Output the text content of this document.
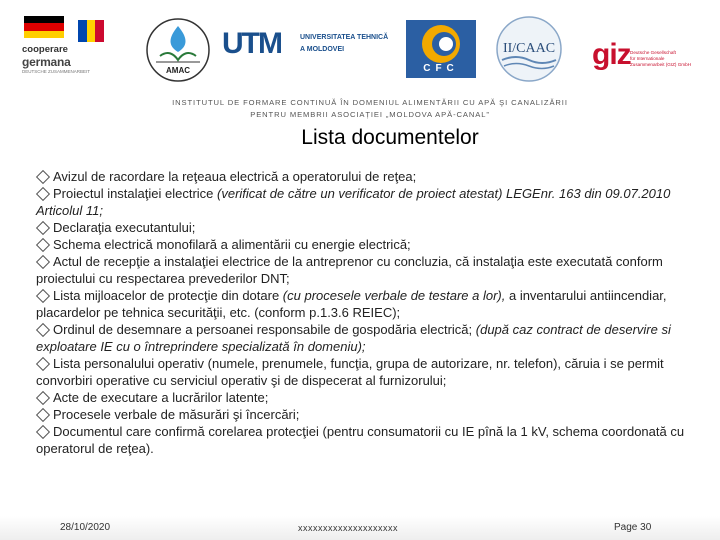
cooperare
germana
DEUTSCHE ZUSAMMENARBEIT	AMAC
UTM	UNIVERSITATEA TEHNICĂ
A MOLDOVEI
CFC
II/CAAC giz Deutsche Gesellschaft
für Internationale
Zusammenarbeit (GIZ) GmbH
INSTITUTUL DE FORMARE CONTINUĂ ÎN DOMENIUL ALIMENTĂRII CU APĂ ŞI CANALIZĂRII
PENTRU MEMBRII ASOCIAȚIEI „MOLDOVA APĂ-CANAL”
Lista documentelor

Avizul de racordare la reţeaua electrică a operatorului de reţea;

Proiectul instalaţiei electrice (verificat de către un verificator de proiect atestat) LEGEnr. 163 din 09.07.2010 Articolul 11;

Declaraţia executantului;

Schema electrică monofilară a alimentării cu energie electrică;

Actul de recepţie a instalaţiei electrice de la antreprenor cu concluzia, că instalaţia este executată conform proiectului cu respectarea prevederilor DNT;

Lista mijloacelor de protecţie din dotare (cu procesele verbale de testare a lor), a inventarului antiincendiar, placardelor pe tehnica securităţii, etc. (conform p.1.3.6 REIEC);

Ordinul de desemnare a persoanei responsabile de gospodăria electrică; (după caz contract de deservire si exploatare IE cu o întreprindere specializată în domeniu);

Lista personalului operativ (numele, prenumele, funcţia, grupa de autorizare, nr. telefon), căruia i se permit convorbiri operative cu serviciul operativ şi de dispecerat al furnizorului;

Acte de executare a lucrărilor latente;

Procesele verbale de măsurări şi încercări;

Documentul care confirmă corelarea protecţiei (pentru consumatorii cu IE pînă la 1 kV, schema coordonată cu operatorul de reţea).

28/10/2020	xxxxxxxxxxxxxxxxxxxx	Page 30
